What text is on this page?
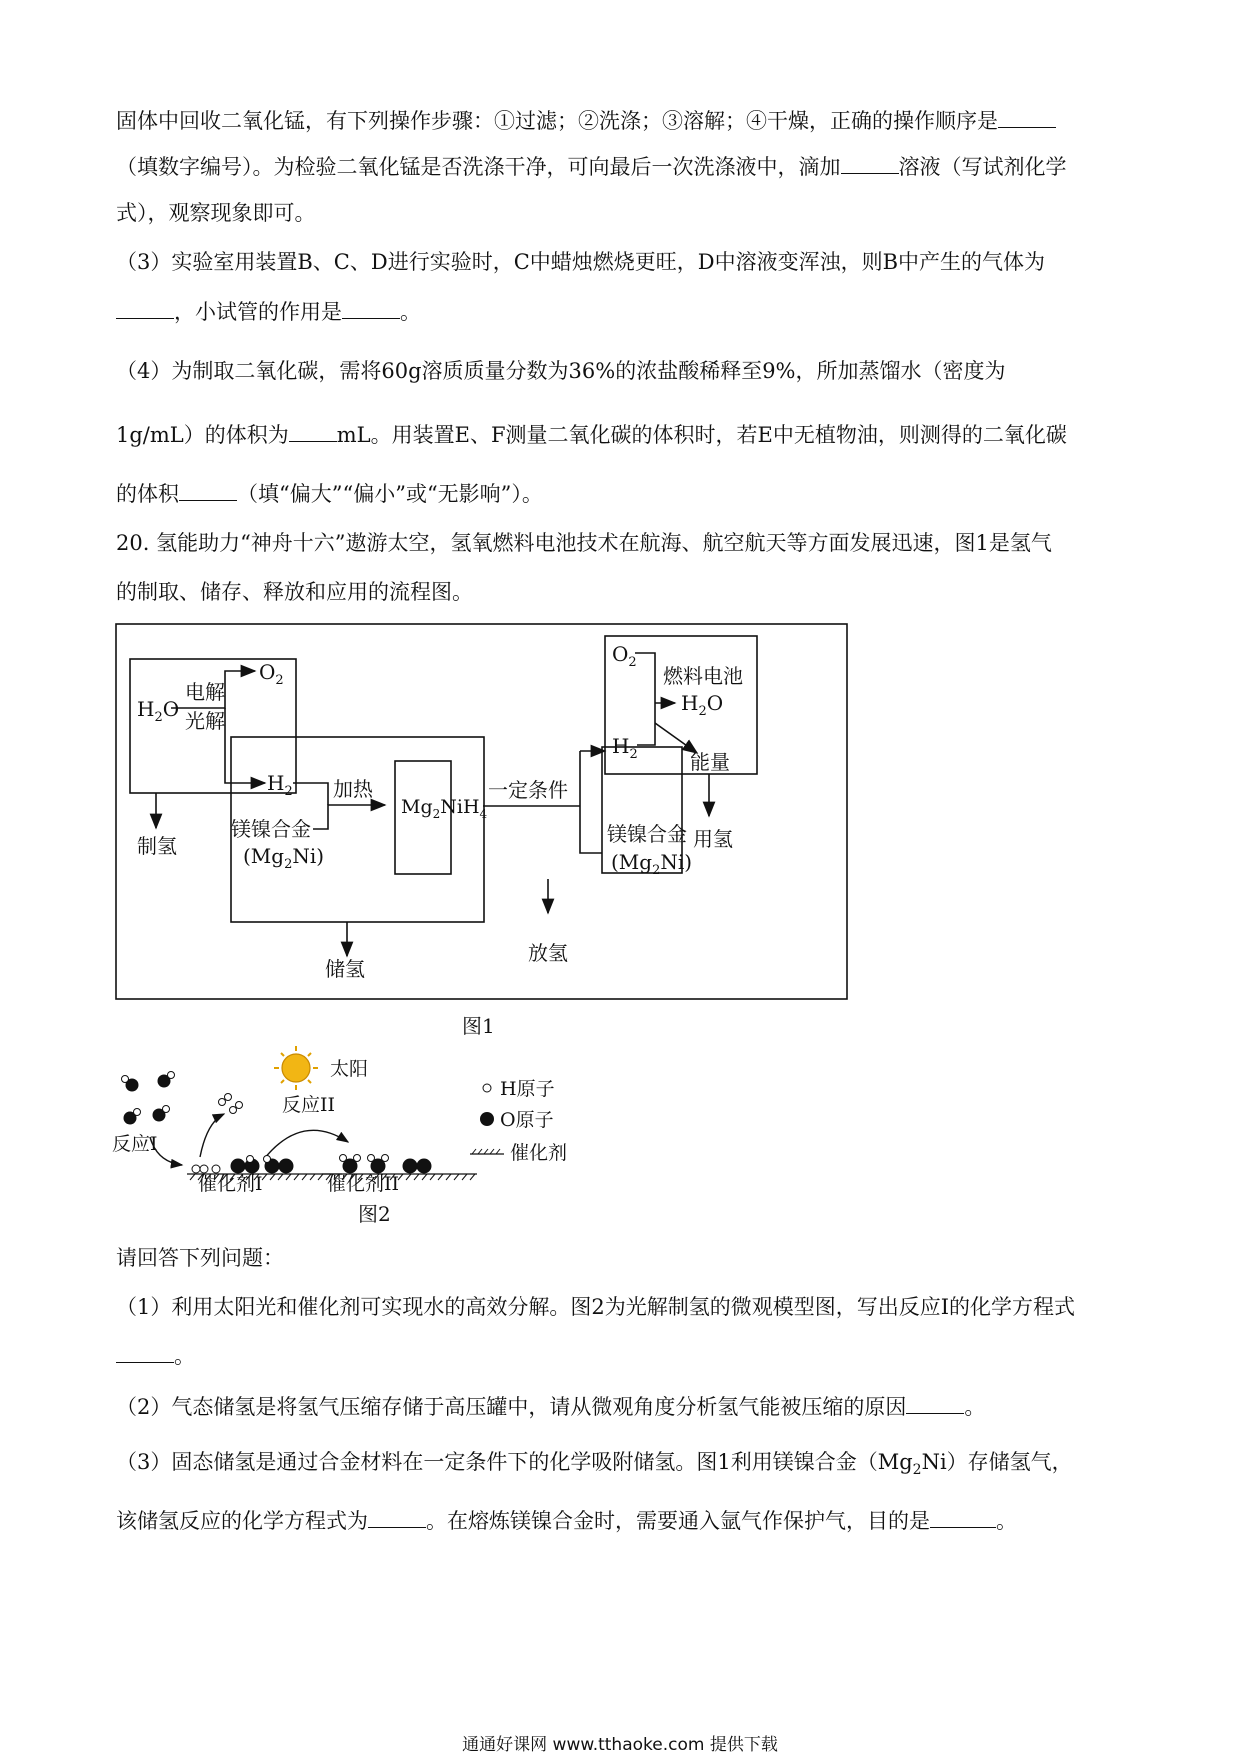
固体中回收二氧化锰，有下列操作步骤：①过滤；②洗涤；③溶解；④干燥，正确的操作顺序是
（填数字编号）。为检验二氧化锰是否洗涤干净，可向最后一次洗涤液中，滴加	溶液（写试剂化学
式），观察现象即可。
（3）实验室用装置B、C、D进行实验时，C中蜡烛燃烧更旺，D中溶液变浑浊，则B中产生的气体为
，小试管的作用是	。
（4）为制取二氧化碳，需将60g溶质质量分数为36%的浓盐酸稀释至9%，所加蒸馏水（密度为
1g/mL）的体积为 mL。用装置E、F测量二氧化碳的体积时，若E中无植物油，则测得的二氧化碳
的体积	（填“偏大”“偏小”或“无影响”）。
20. 氢能助力“神舟十六”遨游太空，氢氧燃料电池技术在航海、航空航天等方面发展迅速，图1是氢气
的制取、储存、释放和应用的流程图。
$H_2O$
电解
光解
$O_2$
$H_2$ 加热
镁镍合金
$(Mg_2Ni)$
$Mg_2NiH_4$
一定条件
镁镍合金
$(Mg_2Ni)$
$O_2$
燃料电池
$H_2O$
$H_2$	能量
制氢
储氢
放氢
用氢
图1
太阳
反应I
反应II
催化剂I	催化剂II
H原子
O原子
催化剂
图2
请回答下列问题：
（1）利用太阳光和催化剂可实现水的高效分解。图2为光解制氢的微观模型图，写出反应I的化学方程式
。
（2）气态储氢是将氢气压缩存储于高压罐中，请从微观角度分析氢气能被压缩的原因	。
（3）固态储氢是通过合金材料在一定条件下的化学吸附储氢。图1利用镁镍合金$(Mg_2Ni)$存储氢气，
该储氢反应的化学方程式为	。在熔炼镁镍合金时，需要通入氩气作保护气，目的是	。
通通好课网 www.tthaoke.com 提供下载
